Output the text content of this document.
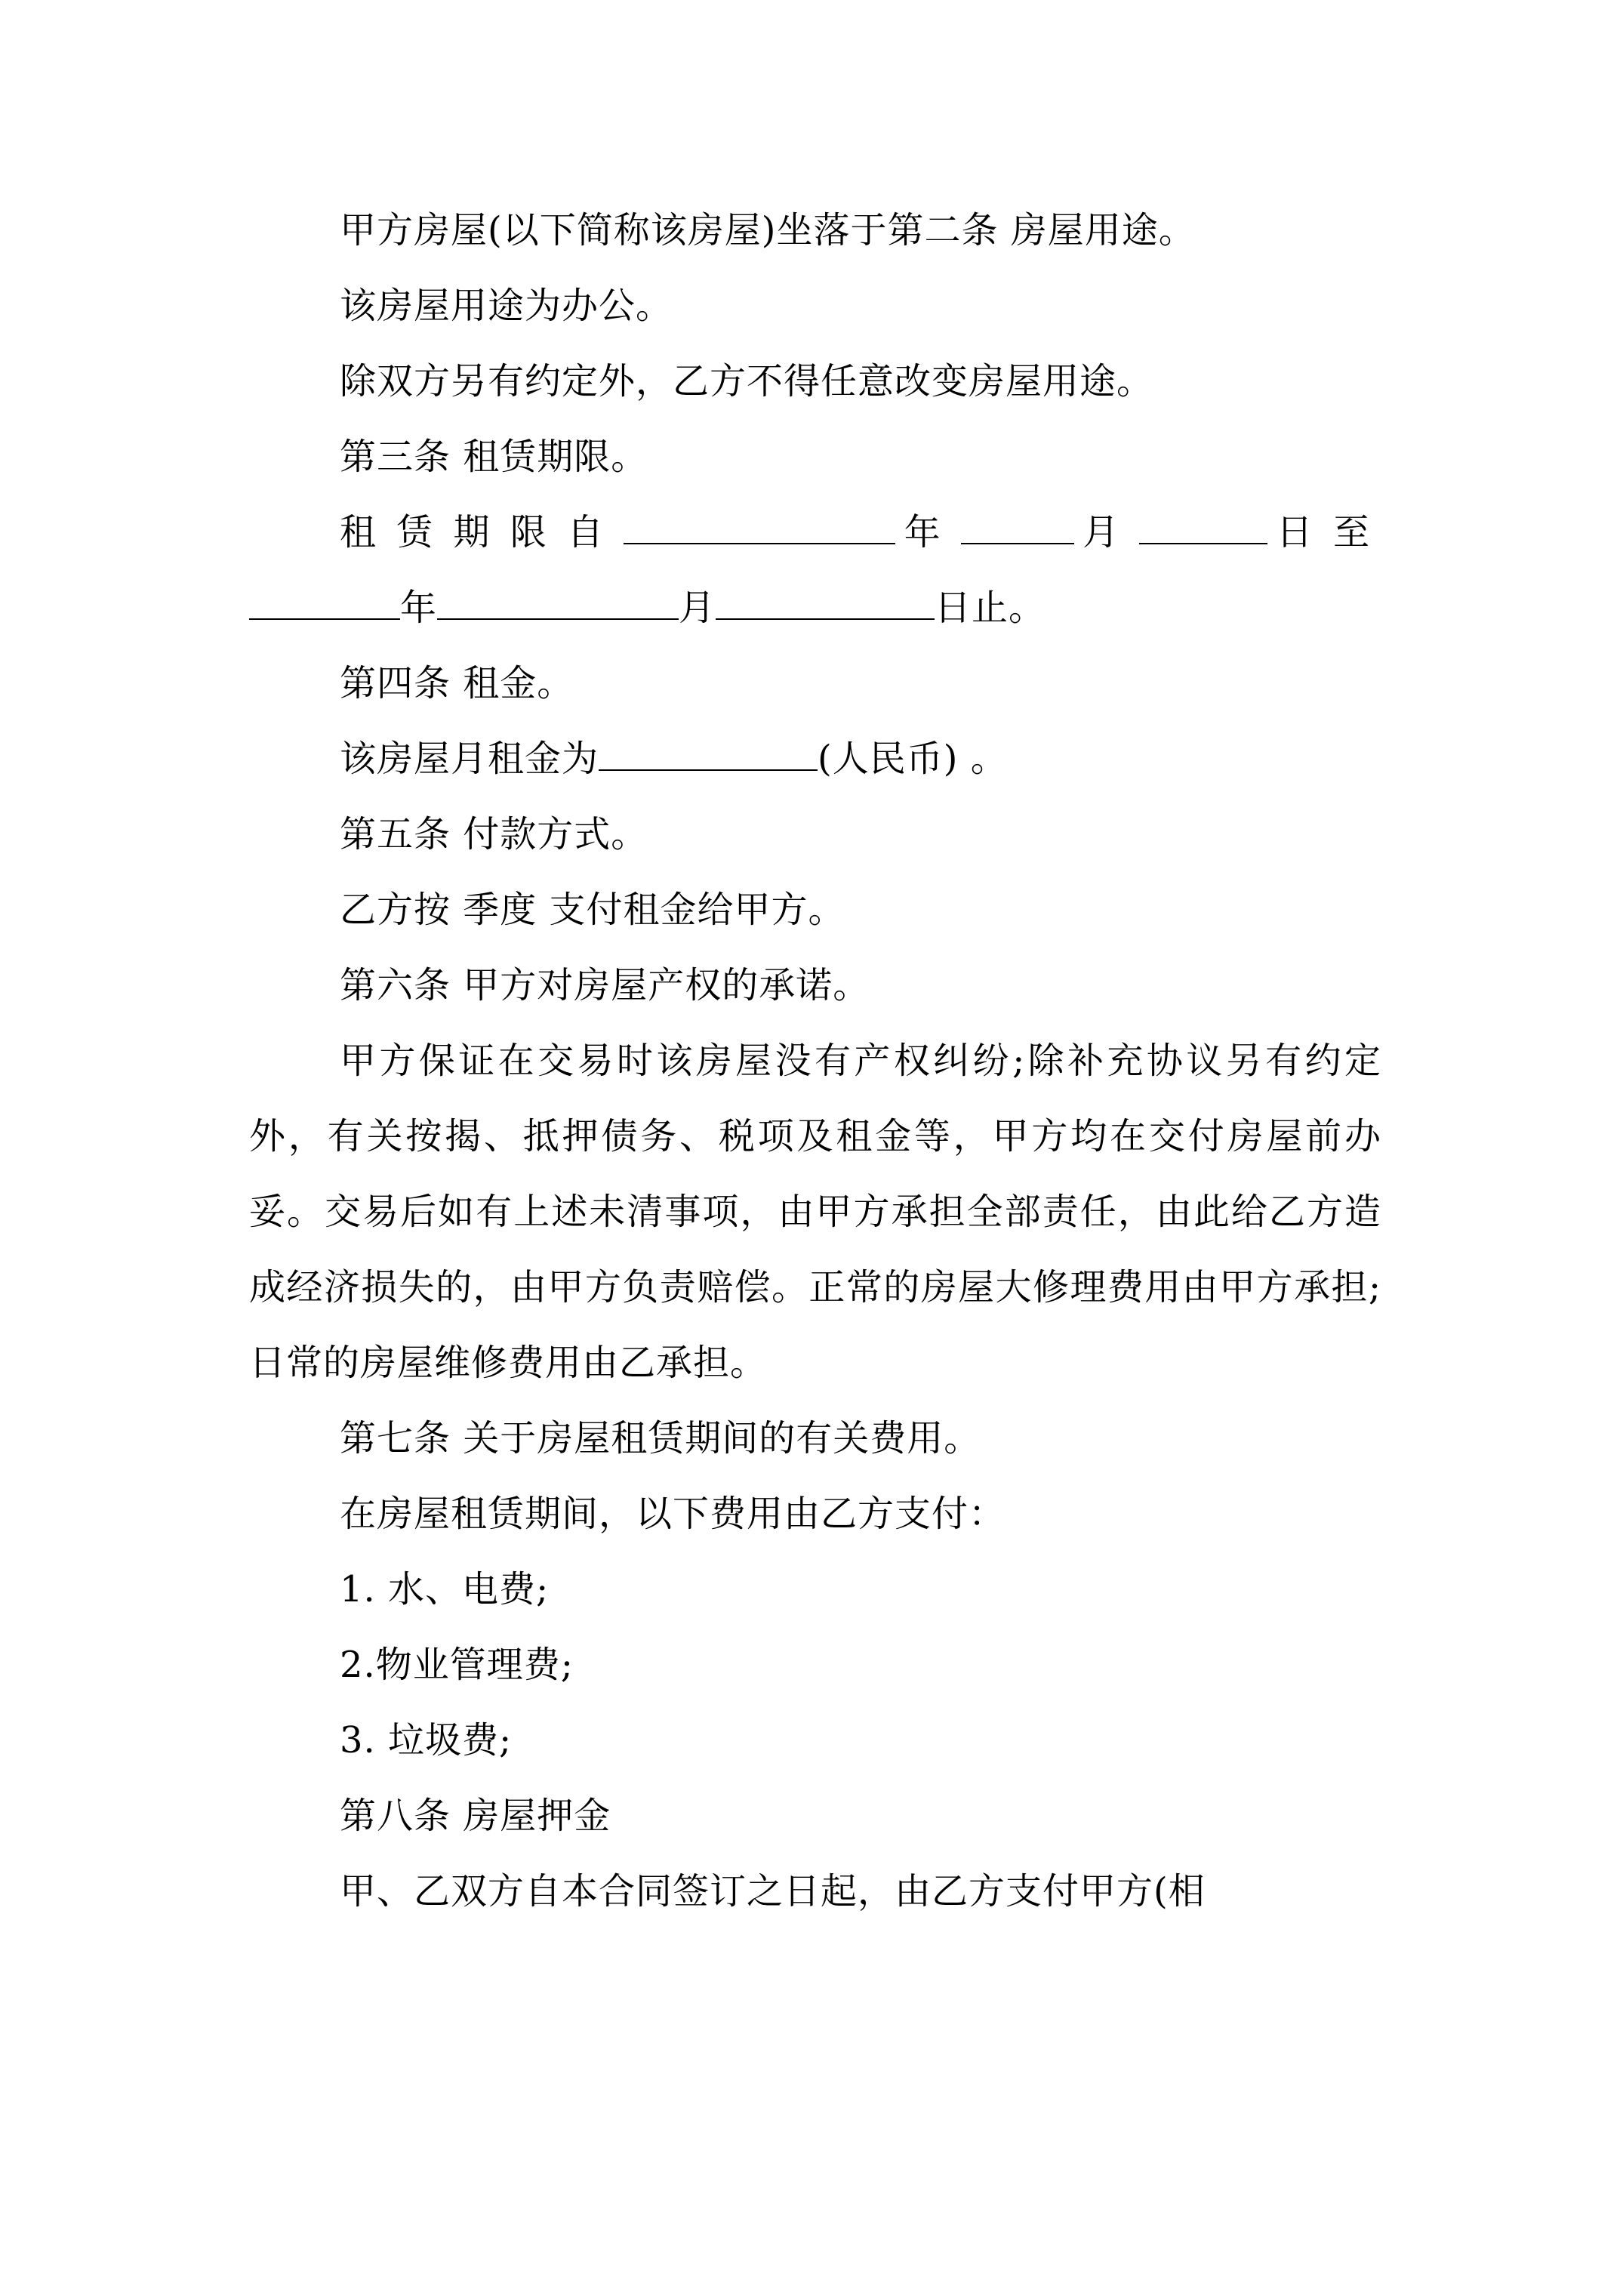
甲方房屋(以下简称该房屋)坐落于第二条 房屋用途。

该房屋用途为办公。

除双方另有约定外，乙方不得任意改变房屋用途。

第三条 租赁期限。

租赁期限自	年	月	日至年	月	日止。

第四条 租金。

该房屋月租金为	(人民币) 。

第五条 付款方式。

乙方按 季度 支付租金给甲方。

第六条 甲方对房屋产权的承诺。

甲方保证在交易时该房屋没有产权纠纷;除补充协议另有约定外，有关按揭、抵押债务、税项及租金等，甲方均在交付房屋前办妥。交易后如有上述未清事项，由甲方承担全部责任，由此给乙方造成经济损失的，由甲方负责赔偿。正常的房屋大修理费用由甲方承担;日常的房屋维修费用由乙承担。

第七条 关于房屋租赁期间的有关费用。

在房屋租赁期间，以下费用由乙方支付：

1. 水、电费;

2.物业管理费;

3. 垃圾费;

第八条 房屋押金

甲、乙双方自本合同签订之日起，由乙方支付甲方(相
